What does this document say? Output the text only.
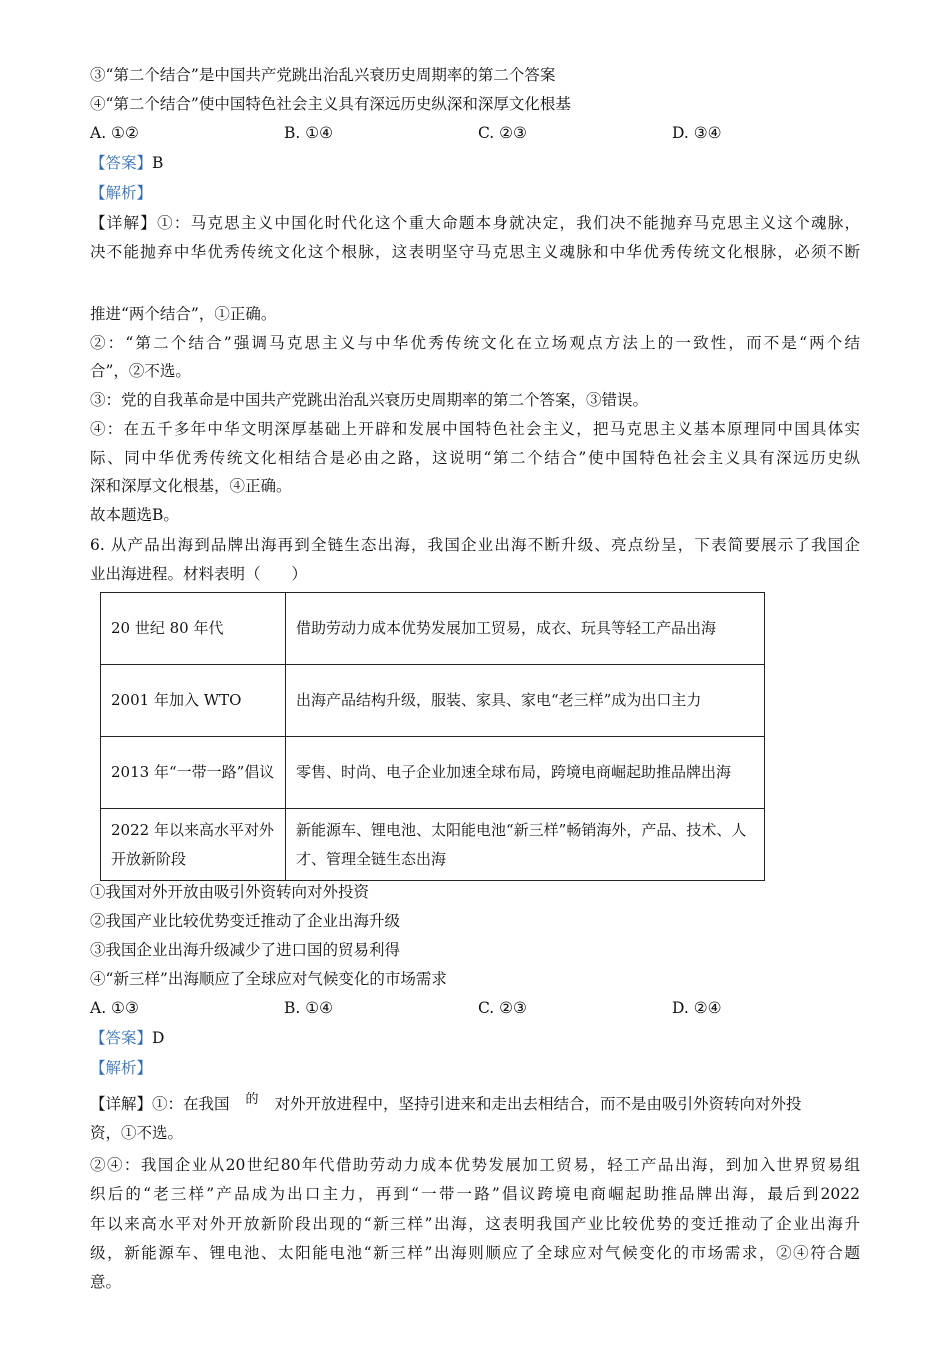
③“第二个结合”是中国共产党跳出治乱兴衰历史周期率的第二个答案
④“第二个结合”使中国特色社会主义具有深远历史纵深和深厚文化根基
A. ①②	B. ①④	C. ②③	D. ③④
【答案】B
【解析】
【详解】①：马克思主义中国化时代化这个重大命题本身就决定，我们决不能抛弃马克思主义这个魂脉，
决不能抛弃中华优秀传统文化这个根脉，这表明坚守马克思主义魂脉和中华优秀传统文化根脉，必须不断
推进“两个结合”，①正确。
②：“第二个结合”强调马克思主义与中华优秀传统文化在立场观点方法上的一致性，而不是“两个结
合”，②不选。
③：党的自我革命是中国共产党跳出治乱兴衰历史周期率的第二个答案，③错误。
④：在五千多年中华文明深厚基础上开辟和发展中国特色社会主义，把马克思主义基本原理同中国具体实
际、同中华优秀传统文化相结合是必由之路，这说明“第二个结合”使中国特色社会主义具有深远历史纵
深和深厚文化根基，④正确。
故本题选B。
6. 从产品出海到品牌出海再到全链生态出海，我国企业出海不断升级、亮点纷呈，下表简要展示了我国企
业出海进程。材料表明（　　）
20 世纪 80 年代	借助劳动力成本优势发展加工贸易，成衣、玩具等轻工产品出海
2001 年加入 WTO	出海产品结构升级，服装、家具、家电“老三样”成为出口主力
2013 年“一带一路”倡议	零售、时尚、电子企业加速全球布局，跨境电商崛起助推品牌出海
2022 年以来高水平对外开放新阶段	新能源车、锂电池、太阳能电池“新三样”畅销海外，产品、技术、人才、管理全链生态出海
①我国对外开放由吸引外资转向对外投资
②我国产业比较优势变迁推动了企业出海升级
③我国企业出海升级减少了进口国的贸易利得
④“新三样”出海顺应了全球应对气候变化的市场需求
A. ①③	B. ①④	C. ②③	D. ②④
【答案】D
【解析】
【详解】①：在我国 $^的$ 对外开放进程中，坚持引进来和走出去相结合，而不是由吸引外资转向对外投
资，①不选。
②④：我国企业从20世纪80年代借助劳动力成本优势发展加工贸易，轻工产品出海，到加入世界贸易组
织后的“老三样”产品成为出口主力，再到“一带一路”倡议跨境电商崛起助推品牌出海，最后到2022
年以来高水平对外开放新阶段出现的“新三样”出海，这表明我国产业比较优势的变迁推动了企业出海升
级，新能源车、锂电池、太阳能电池“新三样”出海则顺应了全球应对气候变化的市场需求，②④符合题
意。
